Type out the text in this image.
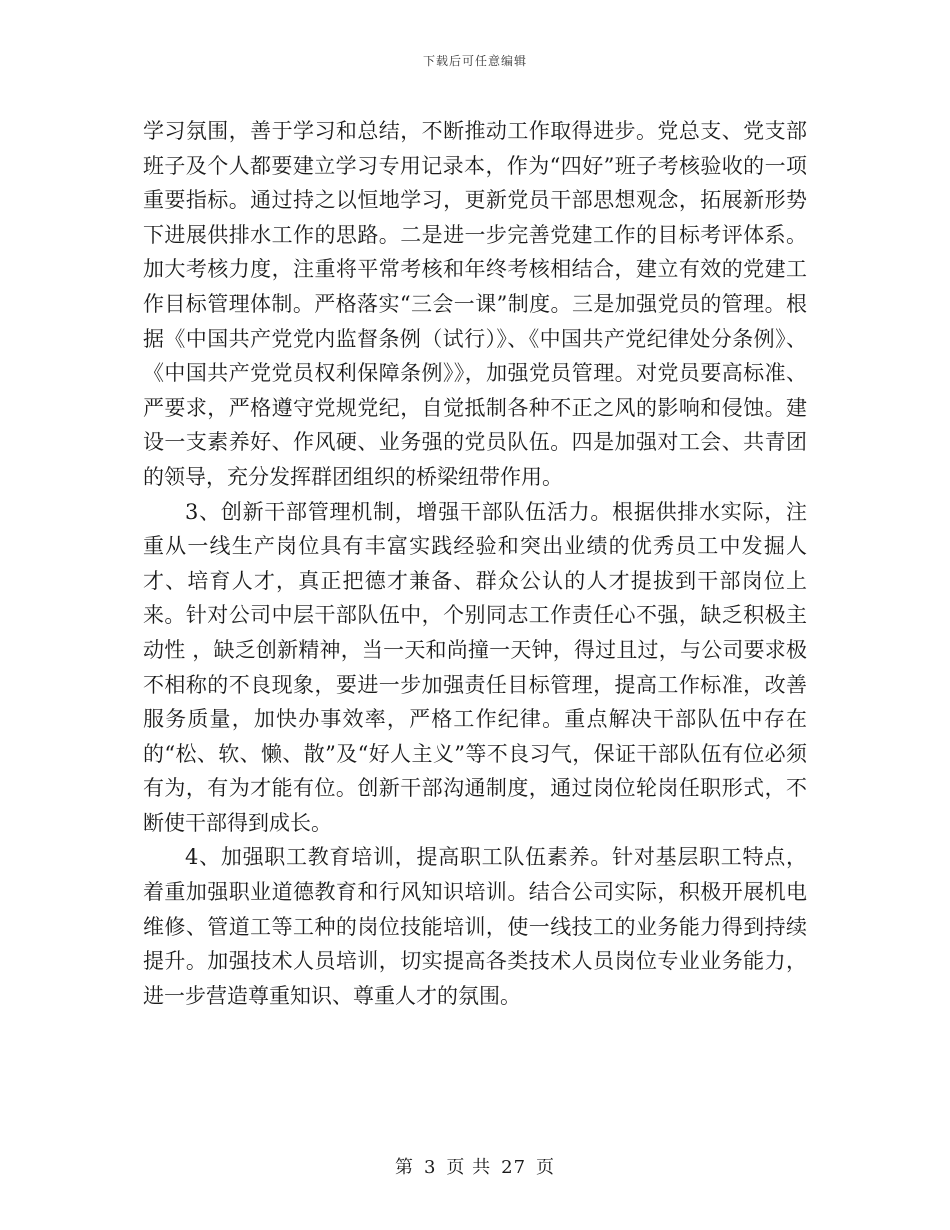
下载后可任意编辑

学习氛围，善于学习和总结，不断推动工作取得进步。党总支、党支部班子及个人都要建立学习专用记录本，作为“四好”班子考核验收的一项重要指标。通过持之以恒地学习，更新党员干部思想观念，拓展新形势下进展供排水工作的思路。二是进一步完善党建工作的目标考评体系。加大考核力度，注重将平常考核和年终考核相结合，建立有效的党建工作目标管理体制。严格落实“三会一课”制度。三是加强党员的管理。根据《中国共产党党内监督条例（试行）》、《中国共产党纪律处分条例》、《中国共产党党员权利保障条例》》，加强党员管理。对党员要高标准、严要求，严格遵守党规党纪，自觉抵制各种不正之风的影响和侵蚀。建设一支素养好、作风硬、业务强的党员队伍。四是加强对工会、共青团的领导，充分发挥群团组织的桥梁纽带作用。

3、创新干部管理机制，增强干部队伍活力。根据供排水实际，注重从一线生产岗位具有丰富实践经验和突出业绩的优秀员工中发掘人才、培育人才，真正把德才兼备、群众公认的人才提拔到干部岗位上来。针对公司中层干部队伍中，个别同志工作责任心不强，缺乏积极主动性 ，缺乏创新精神，当一天和尚撞一天钟，得过且过，与公司要求极不相称的不良现象，要进一步加强责任目标管理，提高工作标准，改善服务质量，加快办事效率，严格工作纪律。重点解决干部队伍中存在的“松、软、懒、散”及“好人主义”等不良习气，保证干部队伍有位必须有为，有为才能有位。创新干部沟通制度，通过岗位轮岗任职形式，不断使干部得到成长。

4、加强职工教育培训，提高职工队伍素养。针对基层职工特点，着重加强职业道德教育和行风知识培训。结合公司实际，积极开展机电维修、管道工等工种的岗位技能培训，使一线技工的业务能力得到持续提升。加强技术人员培训，切实提高各类技术人员岗位专业业务能力，进一步营造尊重知识、尊重人才的氛围。

第 3 页 共 27 页
